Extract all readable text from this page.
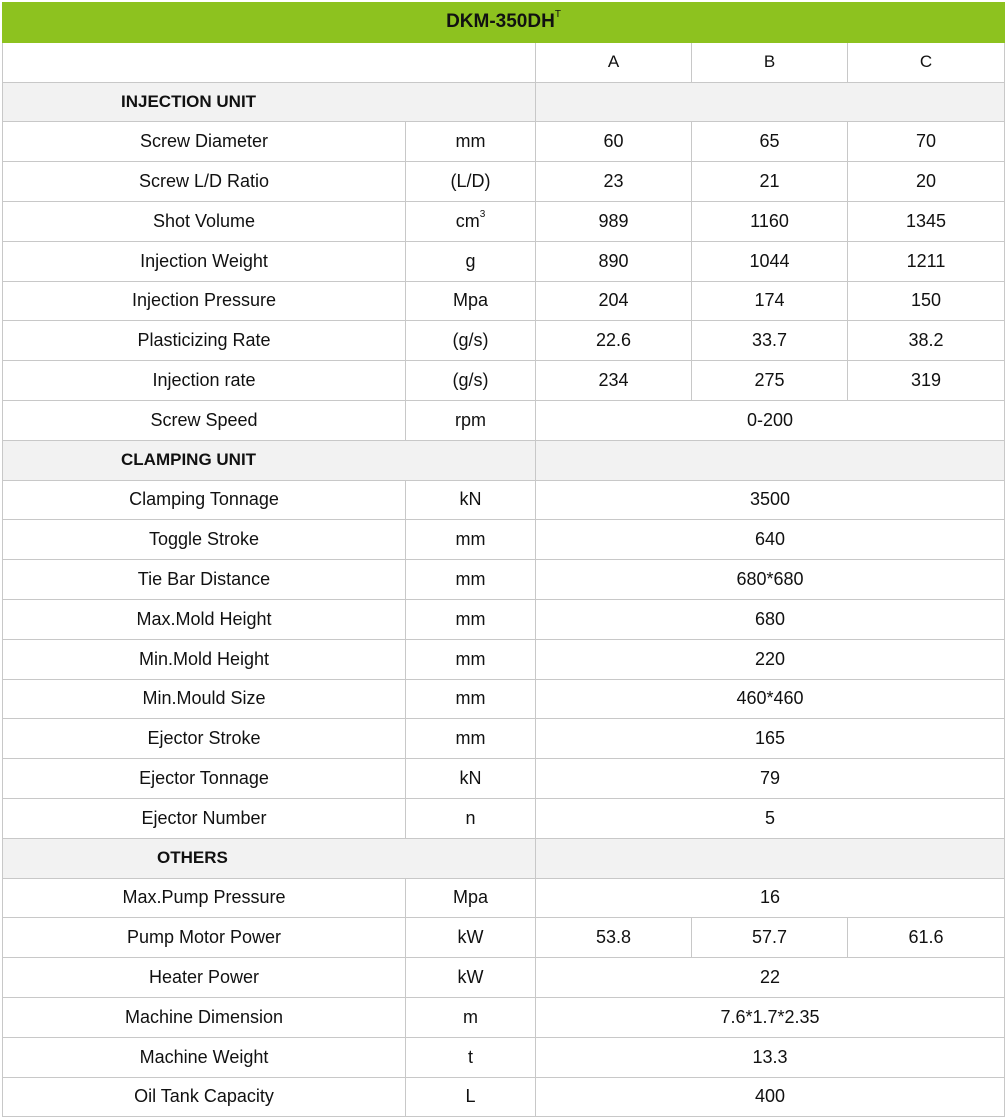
DKM-$350DH^T$
		A	B	C
INJECTION UNIT				
Screw Diameter	mm	60	65	70
Screw L/D Ratio	(L/D)	23	21	20
Shot Volume	$cm^3$	989	1160	1345
Injection Weight	g	890	1044	1211
Injection Pressure	Mpa	204	174	150
Plasticizing Rate	(g/s)	22.6	33.7	38.2
Injection rate	(g/s)	234	275	319
Screw Speed	rpm	0-200		
CLAMPING UNIT				
Clamping Tonnage	kN	3500		
Toggle Stroke	mm	640		
Tie Bar Distance	mm	680*680		
Max.Mold Height	mm	680		
Min.Mold Height	mm	220		
Min.Mould Size	mm	460*460		
Ejector Stroke	mm	165		
Ejector Tonnage	kN	79		
Ejector Number	n	5		
OTHERS				
Max.Pump Pressure	Mpa	16		
Pump Motor Power	kW	53.8	57.7	61.6
Heater Power	kW	22		
Machine Dimension	m	7.6*1.7*2.35		
Machine Weight	t	13.3		
Oil Tank Capacity	L	400		
